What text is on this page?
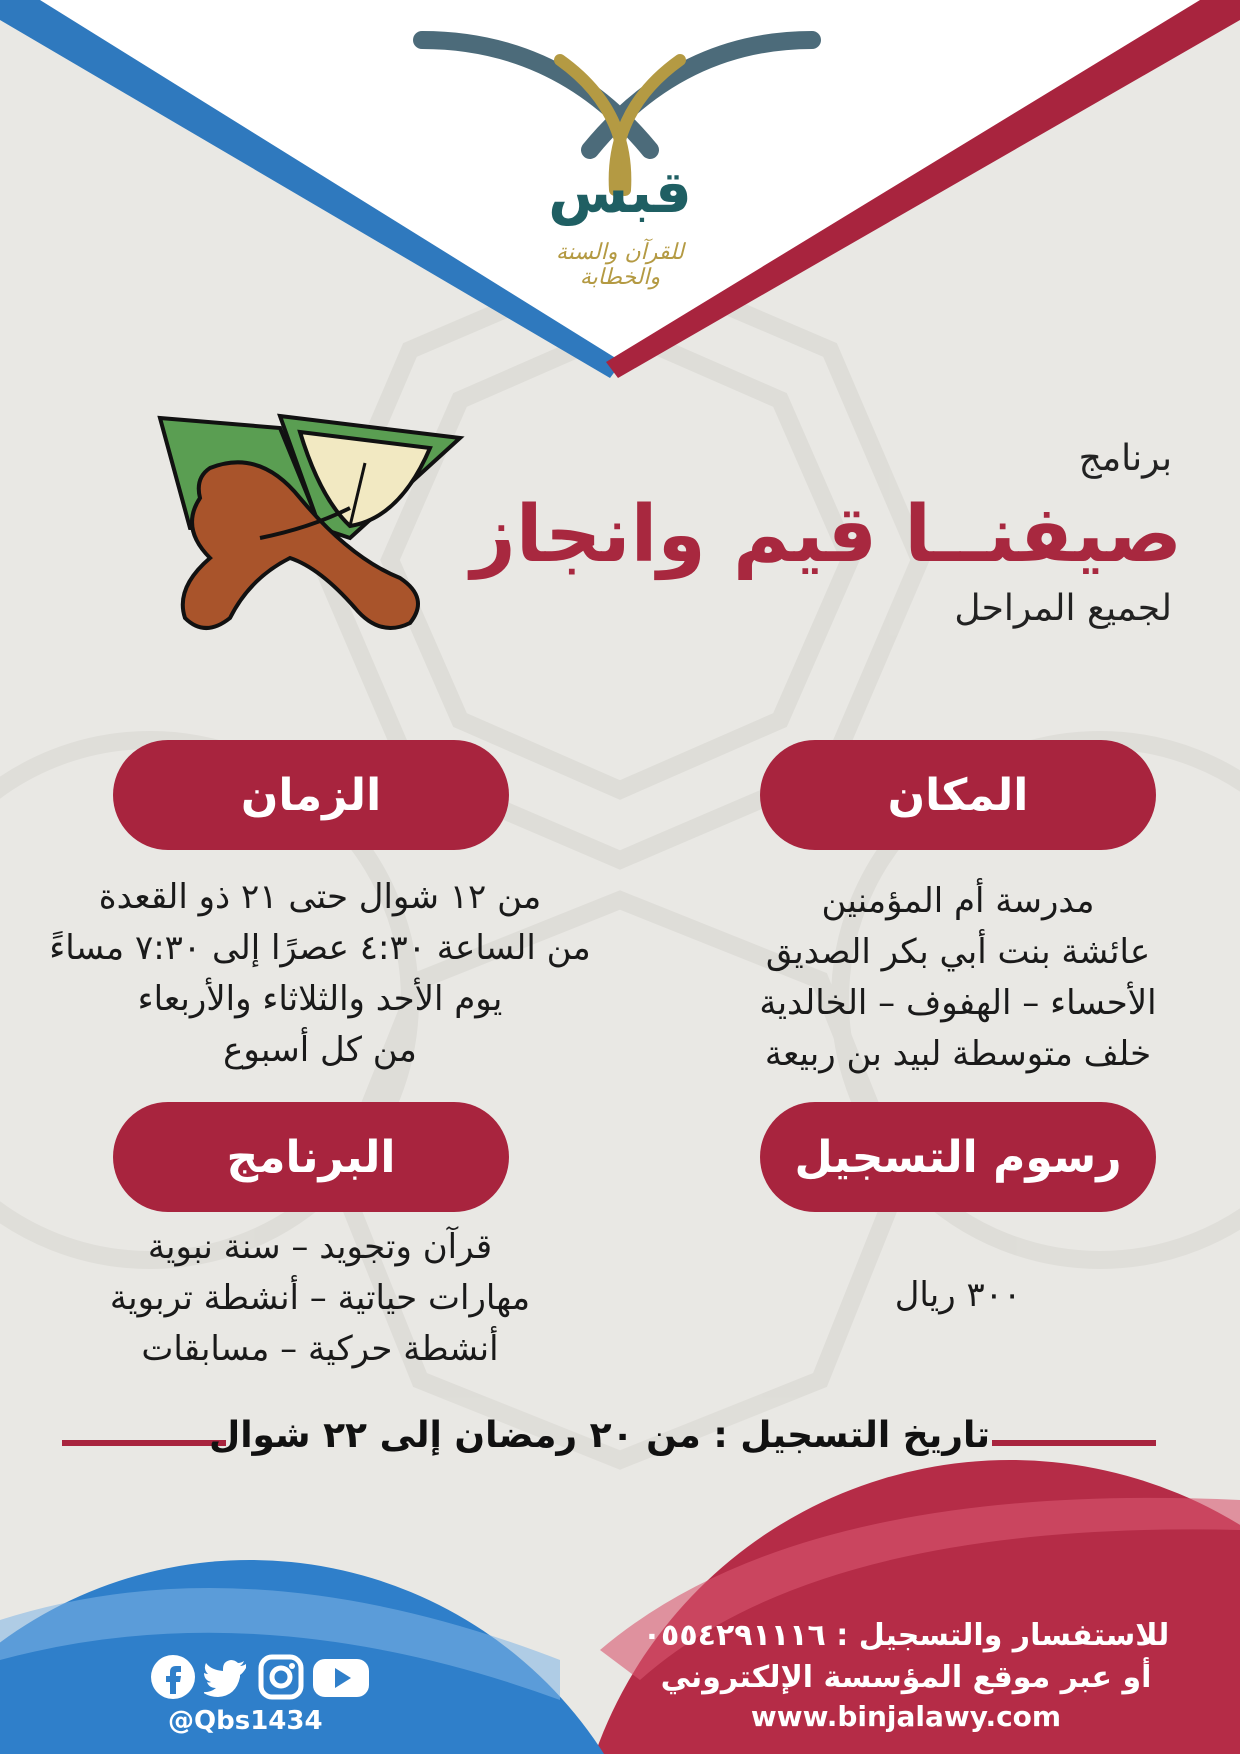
قبس
للقرآن والسنة والخطابة
برنامج
صيفنــا قيم وانجاز
لجميع المراحل
المكان
مدرسة أم المؤمنين
عائشة بنت أبي بكر الصديق
الأحساء – الهفوف – الخالدية
خلف متوسطة لبيد بن ربيعة
الزمان
من ١٢ شوال حتى ٢١ ذو القعدة
من الساعة ٤:٣٠ عصرًا إلى ٧:٣٠ مساءً
يوم الأحد والثلاثاء والأربعاء
من كل أسبوع
رسوم التسجيل
٣٠٠ ريال
البرنامج
قرآن وتجويد – سنة نبوية
مهارات حياتية – أنشطة تربوية
أنشطة حركية – مسابقات
تاريخ التسجيل : من ٢٠ رمضان إلى ٢٢ شوال
للاستفسار والتسجيل : ٠٥٥٤٢٩١١١٦
أو عبر موقع المؤسسة الإلكتروني
www.binjalawy.com
@Qbs1434
